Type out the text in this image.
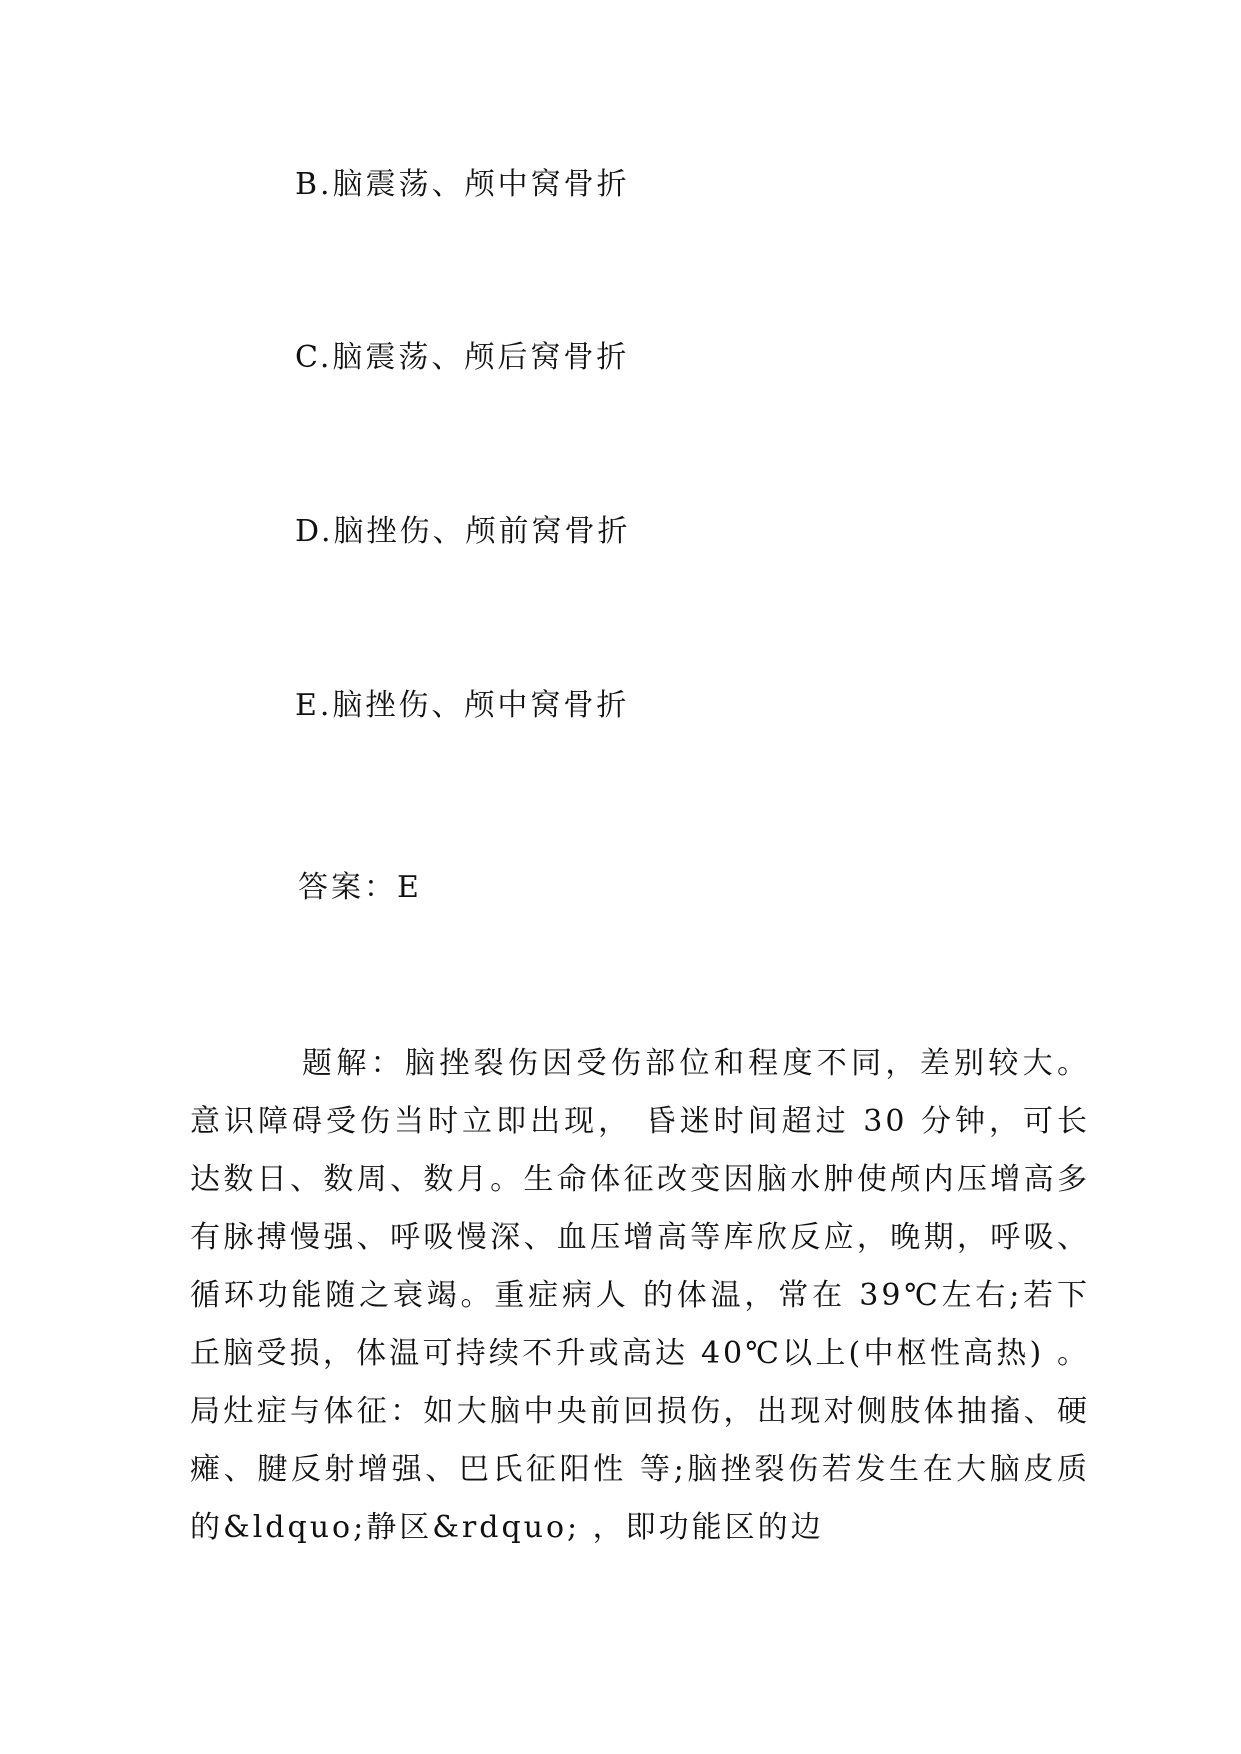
B.脑震荡、颅中窝骨折
C.脑震荡、颅后窝骨折
D.脑挫伤、颅前窝骨折
E.脑挫伤、颅中窝骨折
答案：E
题解：脑挫裂伤因受伤部位和程度不同，差别较大。意识障碍受伤当时立即出现， 昏迷时间超过 30 分钟，可长达数日、数周、数月。生命体征改变因脑水肿使颅内压增高多 有脉搏慢强、呼吸慢深、血压增高等库欣反应，晚期，呼吸、循环功能随之衰竭。重症病人 的体温，常在 39℃左右;若下丘脑受损，体温可持续不升或高达 40℃以上(中枢性高热) 。 局灶症与体征：如大脑中央前回损伤，出现对侧肢体抽搐、硬瘫、腱反射增强、巴氏征阳性 等;脑挫裂伤若发生在大脑皮质的&ldquo;静区&rdquo; ，即功能区的边
